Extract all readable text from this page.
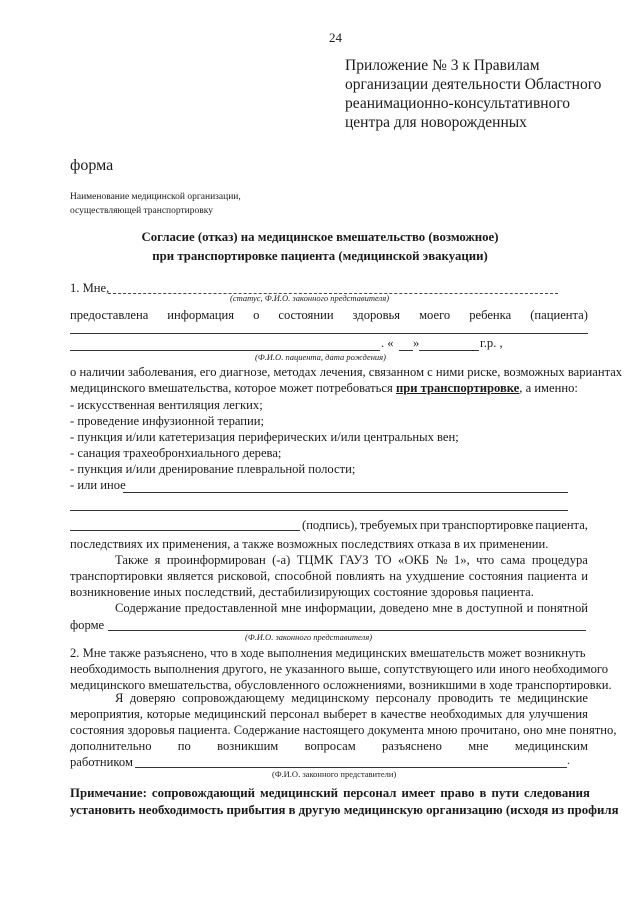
24
Приложение № 3 к Правилам
организации деятельности Областного
реанимационно-консультативного
центра для новорожденных
форма
Наименование медицинской организации,
осуществляющей транспортировку
Согласие (отказ) на медицинское вмешательство (возможное)
при транспортировке пациента (медицинской эвакуации)
1. Мне,
(статус, Ф.И.О. законного представителя)
предоставлена информация о состоянии здоровья моего ребенка (пациента)
. « »	г.р. ,
(Ф.И.О. пациента, дата рождения)
о наличии заболевания, его диагнозе, методах лечения, связанном с ними риске, возможных вариантах
медицинского вмешательства, которое может потребоваться при транспортировке, а именно:
- искусственная вентиляция легких;
- проведение инфузионной терапии;
- пункция и/или катетеризация периферических и/или центральных вен;
- санация трахеобронхиального дерева;
- пункция и/или дренирование плевральной полости;
- или иное
(подпись), требуемых при транспортировке пациента,
последствиях их применения, а также возможных последствиях отказа в их применении.
Также я проинформирован (-а) ТЦМК ГАУЗ ТО «ОКБ № 1», что сама процедура
транспортировки является рисковой, способной повлиять на ухудшение состояния пациента и
возникновение иных последствий, дестабилизирующих состояние здоровья пациента.
Содержание предоставленной мне информации, доведено мне в доступной и понятной
форме
(Ф.И.О. законного представителя)
2. Мне также разъяснено, что в ходе выполнения медицинских вмешательств может возникнуть
необходимость выполнения другого, не указанного выше, сопутствующего или иного необходимого
медицинского вмешательства, обусловленного осложнениями, возникшими в ходе транспортировки.
Я доверяю сопровождающему медицинскому персоналу проводить те медицинские
мероприятия, которые медицинский персонал выберет в качестве необходимых для улучшения
состояния здоровья пациента. Содержание настоящего документа мною прочитано, оно мне понятно,
дополнительно по возникшим вопросам разъяснено мне медицинским
работником	.
(Ф.И.О. законного представители)
Примечание: сопровождающий медицинский персонал имеет право в пути следования
установить необходимость прибытия в другую медицинскую организацию (исходя из профиля
